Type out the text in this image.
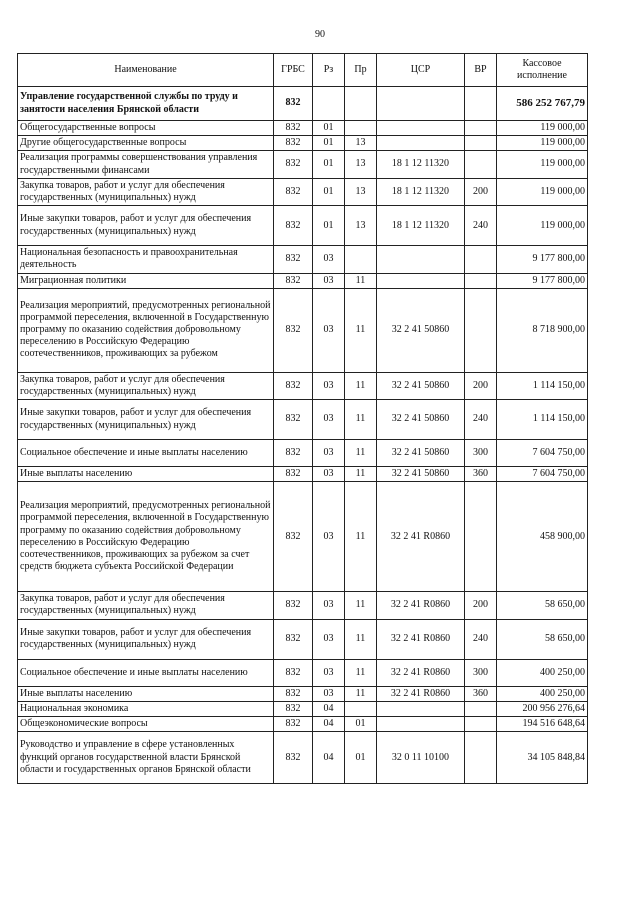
90
Наименование	ГРБС	Рз	Пр	ЦСР	ВР	Кассовое исполнение
Управление государственной службы по труду и занятости населения Брянской области	832					586 252 767,79
Общегосударственные вопросы	832	01				119 000,00
Другие общегосударственные вопросы	832	01	13			119 000,00
Реализация программы совершенствования управления государственными финансами	832	01	13	18 1 12 11320		119 000,00
Закупка товаров, работ и услуг для обеспечения государственных (муниципальных) нужд	832	01	13	18 1 12 11320	200	119 000,00
Иные закупки товаров, работ и услуг для обеспечения государственных (муниципальных) нужд	832	01	13	18 1 12 11320	240	119 000,00
Национальная безопасность и правоохранительная деятельность	832	03				9 177 800,00
Миграционная политики	832	03	11			9 177 800,00
Реализация мероприятий, предусмотренных региональной программой переселения, включенной в Государственную программу по оказанию содействия добровольному переселению в Российскую Федерацию соотечественников, проживающих за рубежом	832	03	11	32 2 41 50860		8 718 900,00
Закупка товаров, работ и услуг для обеспечения государственных (муниципальных) нужд	832	03	11	32 2 41 50860	200	1 114 150,00
Иные закупки товаров, работ и услуг для обеспечения государственных (муниципальных) нужд	832	03	11	32 2 41 50860	240	1 114 150,00
Социальное обеспечение и иные выплаты населению	832	03	11	32 2 41 50860	300	7 604 750,00
Иные выплаты населению	832	03	11	32 2 41 50860	360	7 604 750,00
Реализация мероприятий, предусмотренных региональной программой переселения, включенной в Государственную программу по оказанию содействия добровольному переселению в Российскую Федерацию соотечественников, проживающих за рубежом за счет средств бюджета субъекта Российской Федерации	832	03	11	32 2 41 R0860		458 900,00
Закупка товаров, работ и услуг для обеспечения государственных (муниципальных) нужд	832	03	11	32 2 41 R0860	200	58 650,00
Иные закупки товаров, работ и услуг для обеспечения государственных (муниципальных) нужд	832	03	11	32 2 41 R0860	240	58 650,00
Социальное обеспечение и иные выплаты населению	832	03	11	32 2 41 R0860	300	400 250,00
Иные выплаты населению	832	03	11	32 2 41 R0860	360	400 250,00
Национальная экономика	832	04				200 956 276,64
Общеэкономические вопросы	832	04	01			194 516 648,64
Руководство и управление в сфере установленных функций органов государственной власти Брянской области и государственных органов Брянской области	832	04	01	32 0 11 10100		34 105 848,84
